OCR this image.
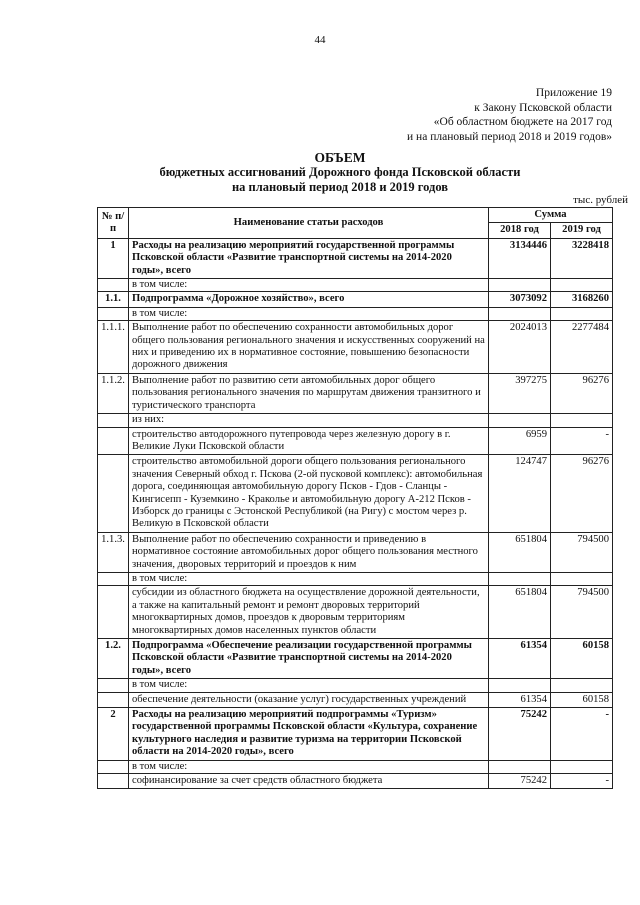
44
Приложение 19
к Закону Псковской области
«Об областном бюджете на 2017 год
и на плановый период 2018 и 2019 годов»
ОБЪЕМ
бюджетных ассигнований Дорожного фонда Псковской области
на плановый период 2018 и 2019 годов
тыс. рублей
№ п/п	Наименование статьи расходов	Сумма	
		2018 год	2019 год
1	Расходы на реализацию мероприятий государственной программы Псковской области «Развитие транспортной системы на 2014-2020 годы», всего	3134446	3228418
	в том числе:		
1.1.	Подпрограмма «Дорожное хозяйство», всего	3073092	3168260
	в том числе:		
1.1.1.	Выполнение работ по обеспечению сохранности автомобильных дорог общего пользования регионального значения и искусственных сооружений на них и приведению их в нормативное состояние, повышению безопасности дорожного движения	2024013	2277484
1.1.2.	Выполнение работ по развитию сети автомобильных дорог общего пользования регионального значения по маршрутам движения транзитного и туристического транспорта	397275	96276
	из них:		
	строительство автодорожного путепровода через железную дорогу в г. Великие Луки Псковской области	6959	-
	строительство автомобильной дороги общего пользования регионального значения Северный обход г. Пскова (2-ой пусковой комплекс): автомобильная дорога, соединяющая автомобильную дорогу Псков - Гдов - Сланцы - Кингисепп - Куземкино - Краколье и автомобильную дорогу А-212 Псков - Изборск до границы с Эстонской Республикой (на Ригу) с мостом через р. Великую в Псковской области	124747	96276
1.1.3.	Выполнение работ по обеспечению сохранности и приведению в нормативное состояние автомобильных дорог общего пользования местного значения, дворовых территорий и проездов к ним	651804	794500
	в том числе:		
	субсидии из областного бюджета на осуществление дорожной деятельности, а также на капитальный ремонт и ремонт дворовых территорий многоквартирных домов, проездов к дворовым территориям многоквартирных домов населенных пунктов области	651804	794500
1.2.	Подпрограмма «Обеспечение реализации государственной программы Псковской области «Развитие транспортной системы на 2014-2020 годы», всего	61354	60158
	в том числе:		
	обеспечение деятельности (оказание услуг) государственных учреждений	61354	60158
2	Расходы на реализацию мероприятий подпрограммы «Туризм» государственной программы Псковской области «Культура, сохранение культурного наследия и развитие туризма на территории Псковской области на 2014-2020 годы», всего	75242	-
	в том числе:		
	софинансирование за счет средств областного бюджета	75242	-
